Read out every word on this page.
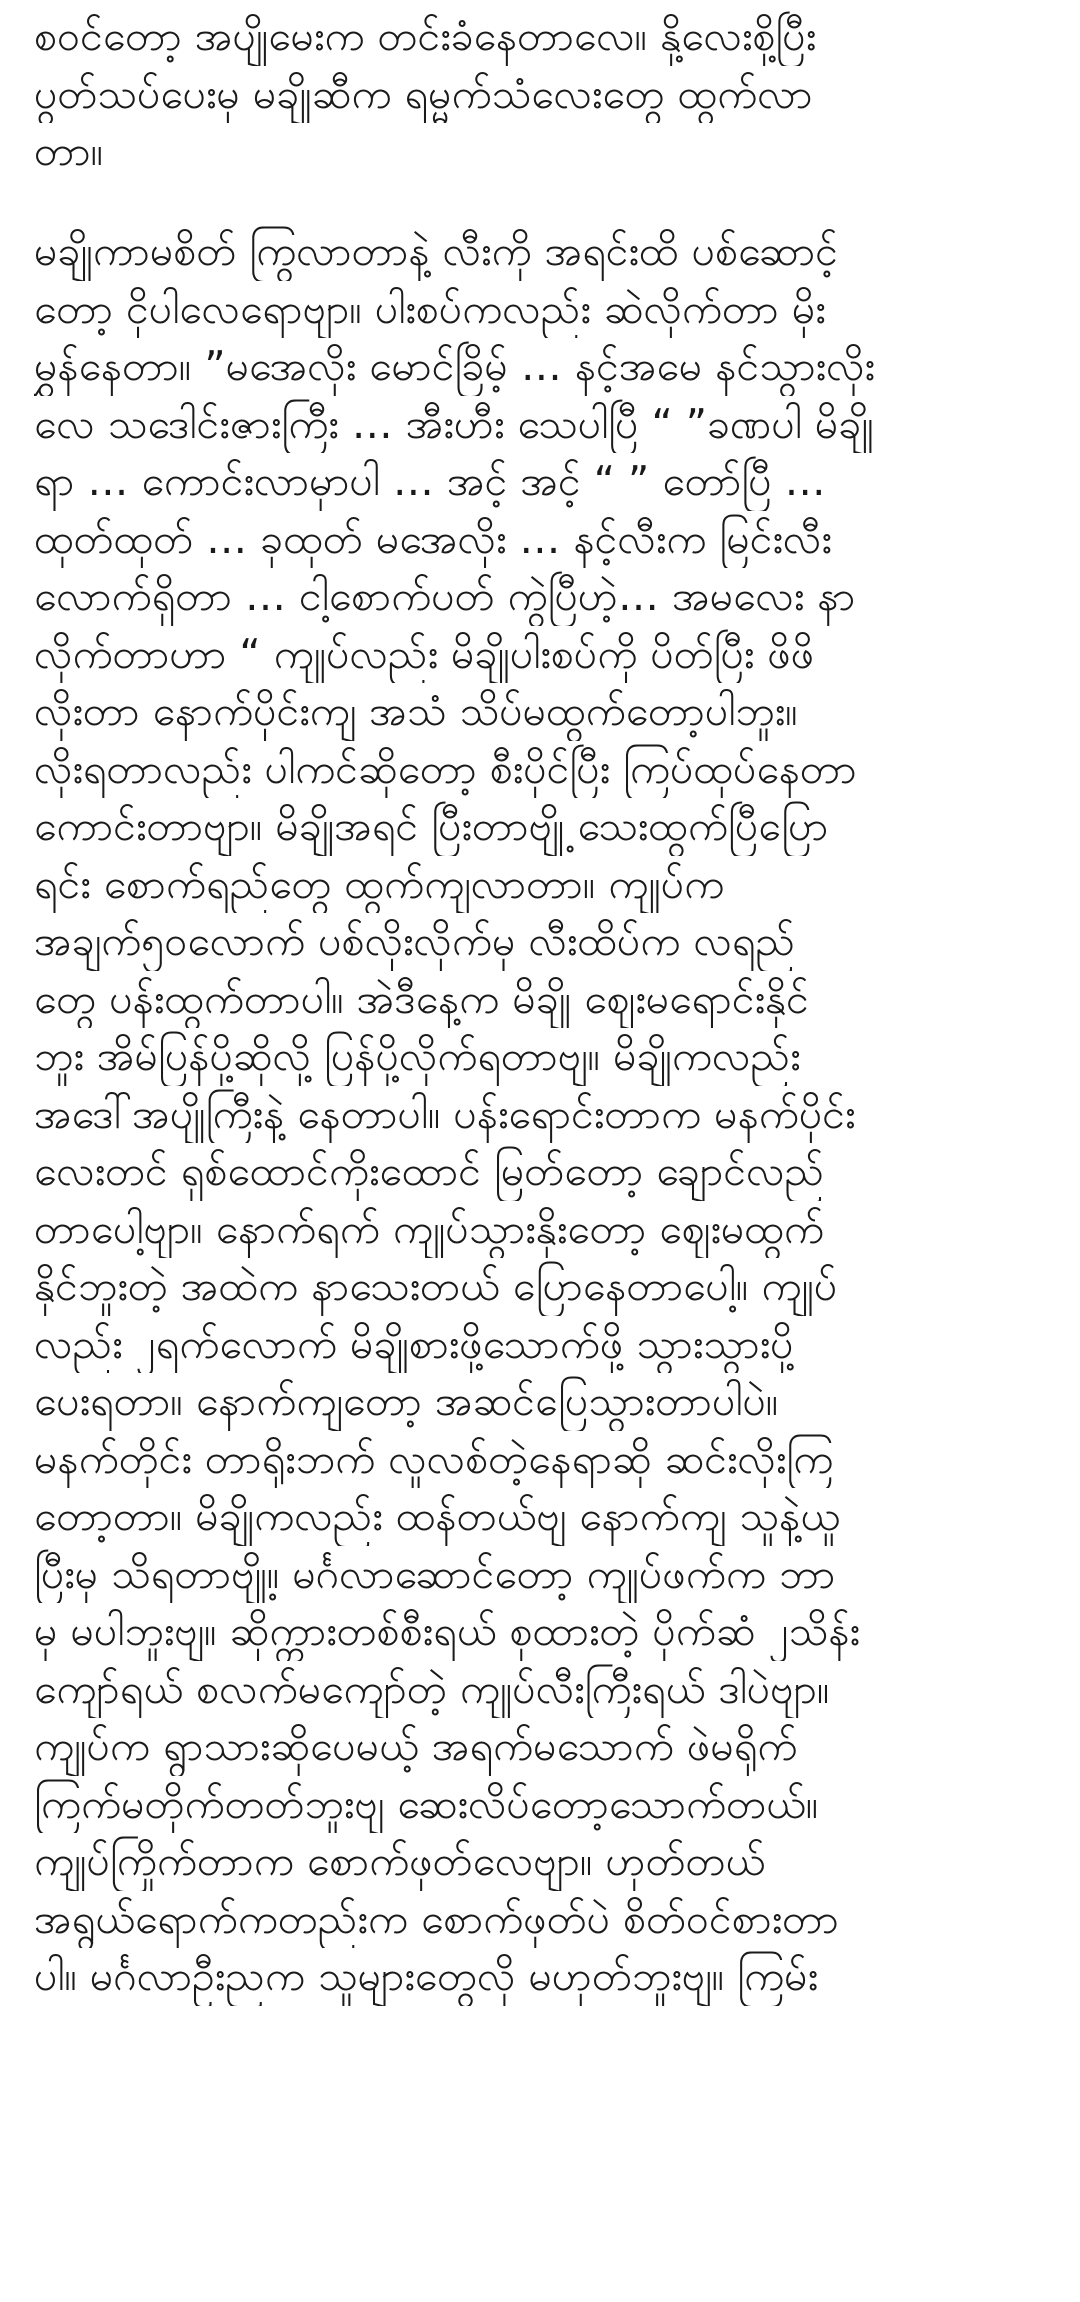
စဝင်တော့ အပျိုမေးက တင်းခံနေတာလေ။ နို့လေးစို့ပြီး
ပွတ်သပ်ပေးမှ မချိုဆီက ရမ္မက်သံလေးတွေ ထွက်လာ
တာ။
မချိုကာမစိတ် ကြွလာတာနဲ့ လီးကို အရင်းထိ ပစ်ဆောင့်
တော့ ငိုပါလေရောဗျာ။ ပါးစပ်ကလည်း ဆဲလိုက်တာ မိုး
မွှန်နေတာ။ ”မအေလိုး မောင်ခြိမ့် … နင့်အမေ နင်သွားလိုး
လေ သဒေါင်းဇားကြီး … အီးဟီး သေပါပြီ “ ”ခဏပါ မိချို
ရာ … ကောင်းလာမှာပါ … အင့် အင့် “ ” တော်ပြီ …
ထုတ်ထုတ် … ခုထုတ် မအေလိုး … နင့်လီးက မြင်းလီး
လောက်ရှိတာ … ငါ့စောက်ပတ် ကွဲပြီဟဲ့… အမလေး နာ
လိုက်တာဟာ “ ကျုပ်လည်း မိချိုပါးစပ်ကို ပိတ်ပြီး ဖိဖိ
လိုးတာ နောက်ပိုင်းကျ အသံ သိပ်မထွက်တော့ပါဘူး။
လိုးရတာလည်း ပါကင်ဆိုတော့ စီးပိုင်ပြီး ကြပ်ထုပ်နေတာ
ကောင်းတာဗျာ။ မိချိုအရင် ပြီးတာဗျို့ သေးထွက်ပြီပြော
ရင်း စောက်ရည်တွေ ထွက်ကျလာတာ။ ကျုပ်က
အချက်၅၀လောက် ပစ်လိုးလိုက်မှ လီးထိပ်က လရည်
တွေ ပန်းထွက်တာပါ။ အဲဒီနေ့က မိချို ဈေးမရောင်းနိုင်
ဘူး အိမ်ပြန်ပို့ဆိုလို့ ပြန်ပို့လိုက်ရတာဗျ။ မိချိုကလည်း
အဒေါ်အပျိုကြီးနဲ့ နေတာပါ။ ပန်းရောင်းတာက မနက်ပိုင်း
လေးတင် ရှစ်ထောင်ကိုးထောင် မြတ်တော့ ချောင်လည်
တာပေါ့ဗျာ။ နောက်ရက် ကျုပ်သွားနိုးတော့ ဈေးမထွက်
နိုင်ဘူးတဲ့ အထဲက နာသေးတယ် ပြောနေတာပေါ့။ ကျုပ်
လည်း ၂ရက်လောက် မိချိုစားဖို့သောက်ဖို့ သွားသွားပို့
ပေးရတာ။ နောက်ကျတော့ အဆင်ပြေသွားတာပါပဲ။
မနက်တိုင်း တာရိုးဘက် လူလစ်တဲ့နေရာဆို ဆင်းလိုးကြ
တော့တာ။ မိချိုကလည်း ထန်တယ်ဗျ နောက်ကျ သူနဲ့ယူ
ပြီးမှ သိရတာဗျို့။ မင်္ဂလာဆောင်တော့ ကျုပ်ဖက်က ဘာ
မှ မပါဘူးဗျ။ ဆိုက္ကားတစ်စီးရယ် စုထားတဲ့ ပိုက်ဆံ ၂သိန်း
ကျော်ရယ် စလက်မကျော်တဲ့ ကျုပ်လီးကြီးရယ် ဒါပဲဗျာ။
ကျုပ်က ရွာသားဆိုပေမယ့် အရက်မသောက် ဖဲမရိုက်
ကြက်မတိုက်တတ်ဘူးဗျ ဆေးလိပ်တော့သောက်တယ်။
ကျုပ်ကြိုက်တာက စောက်ဖုတ်လေဗျာ။ ဟုတ်တယ်
အရွယ်ရောက်ကတည်းက စောက်ဖုတ်ပဲ စိတ်ဝင်စားတာ
ပါ။ မင်္ဂလာဦးညက သူများတွေလို မဟုတ်ဘူးဗျ။ ကြမ်း
